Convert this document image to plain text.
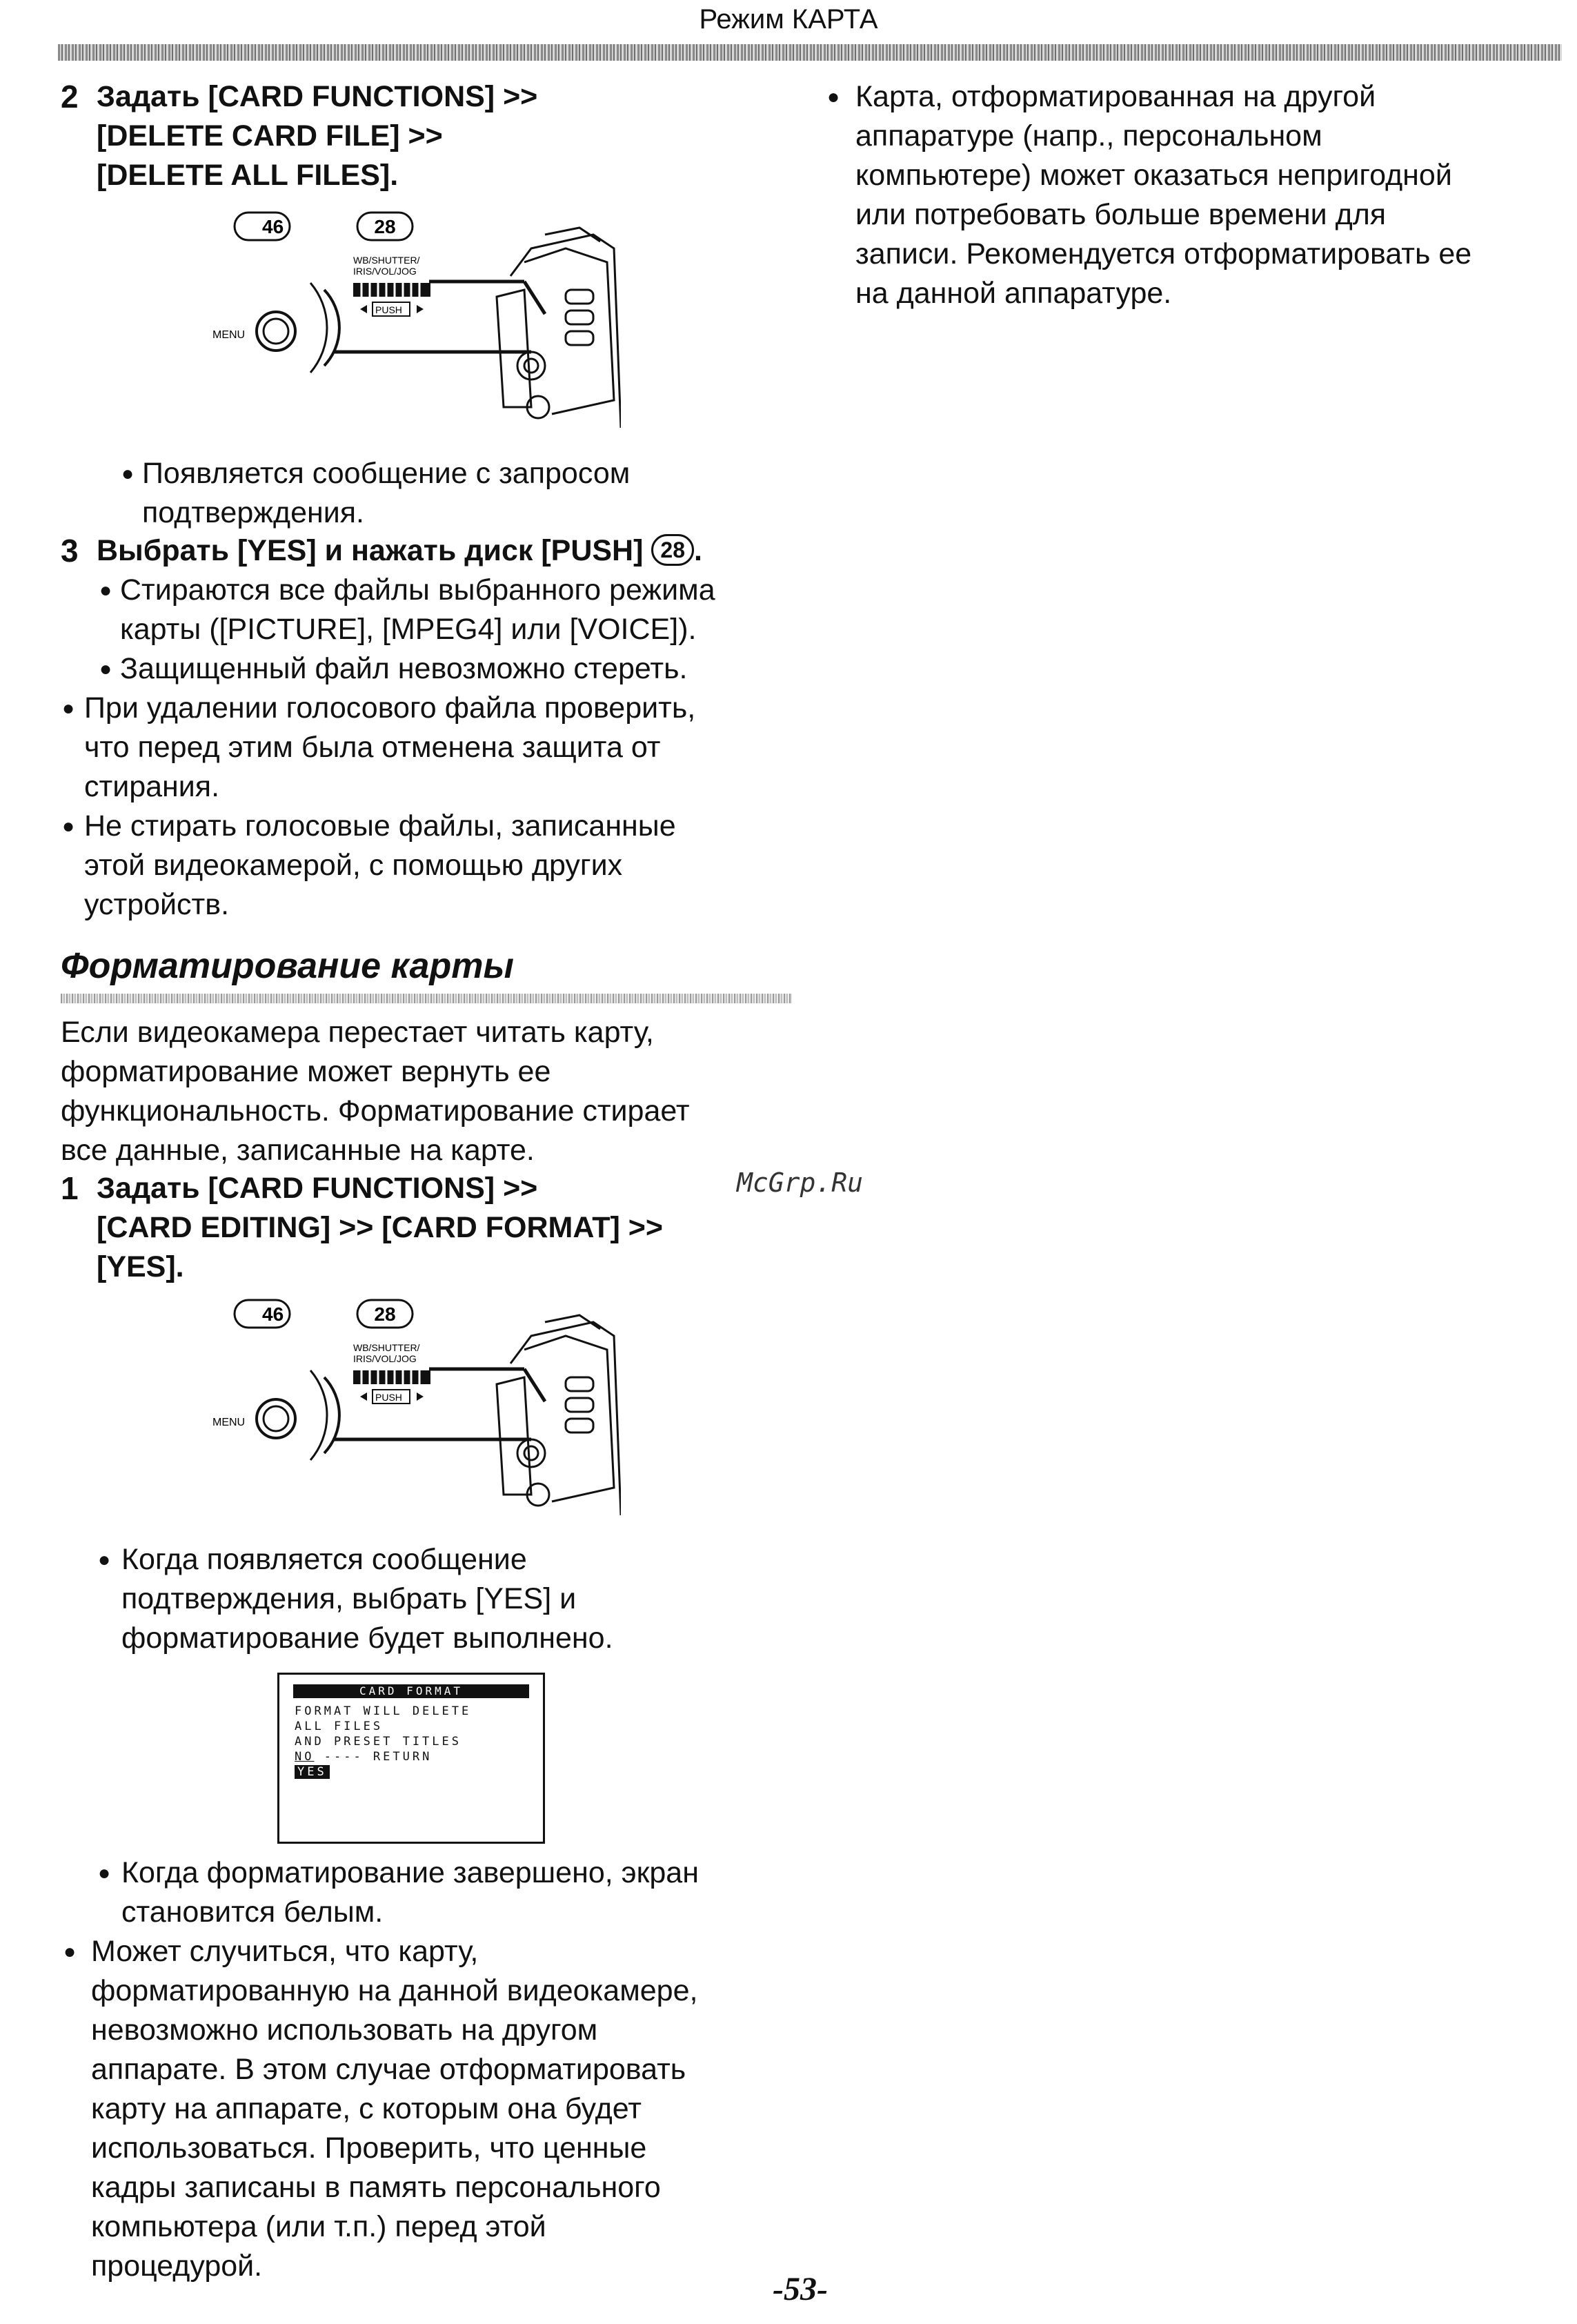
Режим КАРТА
● Карта, отформатированная на другой
аппаратуре (напр., персональном
компьютере) может оказаться непригодной
или потребовать больше времени для
записи. Рекомендуется отформатировать ее
на данной аппаратуре.
2 Задать [CARD FUNCTIONS] >>
[DELETE CARD FILE] >>
[DELETE ALL FILES].
46	28
MENU
WB/SHUTTER/
IRIS/VOL/JOG
PUSH
● Появляется сообщение с запросом
подтверждения.
3 Выбрать [YES] и нажать диск [PUSH] 28 .
● Стираются все файлы выбранного режима
карты ([PICTURE], [MPEG4] или [VOICE]).
● Защищенный файл невозможно стереть.
● При удалении голосового файла проверить,
что перед этим была отменена защита от
стирания.
● Не стирать голосовые файлы, записанные
этой видеокамерой, с помощью других
устройств.
Форматирование карты
Если видеокамера перестает читать карту,
форматирование может вернуть ее
функциональность. Форматирование стирает
все данные, записанные на карте.
1 Задать [CARD FUNCTIONS] >>
[CARD EDITING] >> [CARD FORMAT] >>
[YES].
McGrp.Ru
46	28
MENU
WB/SHUTTER/
IRIS/VOL/JOG
PUSH
● Когда появляется сообщение
подтверждения, выбрать [YES] и
форматирование будет выполнено.
CARD FORMAT
FORMAT WILL DELETE
ALL FILES
AND PRESET TITLES
NO ---- RETURN
YES
● Когда форматирование завершено, экран
становится белым.
● Может случиться, что карту,
форматированную на данной видеокамере,
невозможно использовать на другом
аппарате. В этом случае отформатировать
карту на аппарате, с которым она будет
использоваться. Проверить, что ценные
кадры записаны в память персонального
компьютера (или т.п.) перед этой
процедурой.
-53-
